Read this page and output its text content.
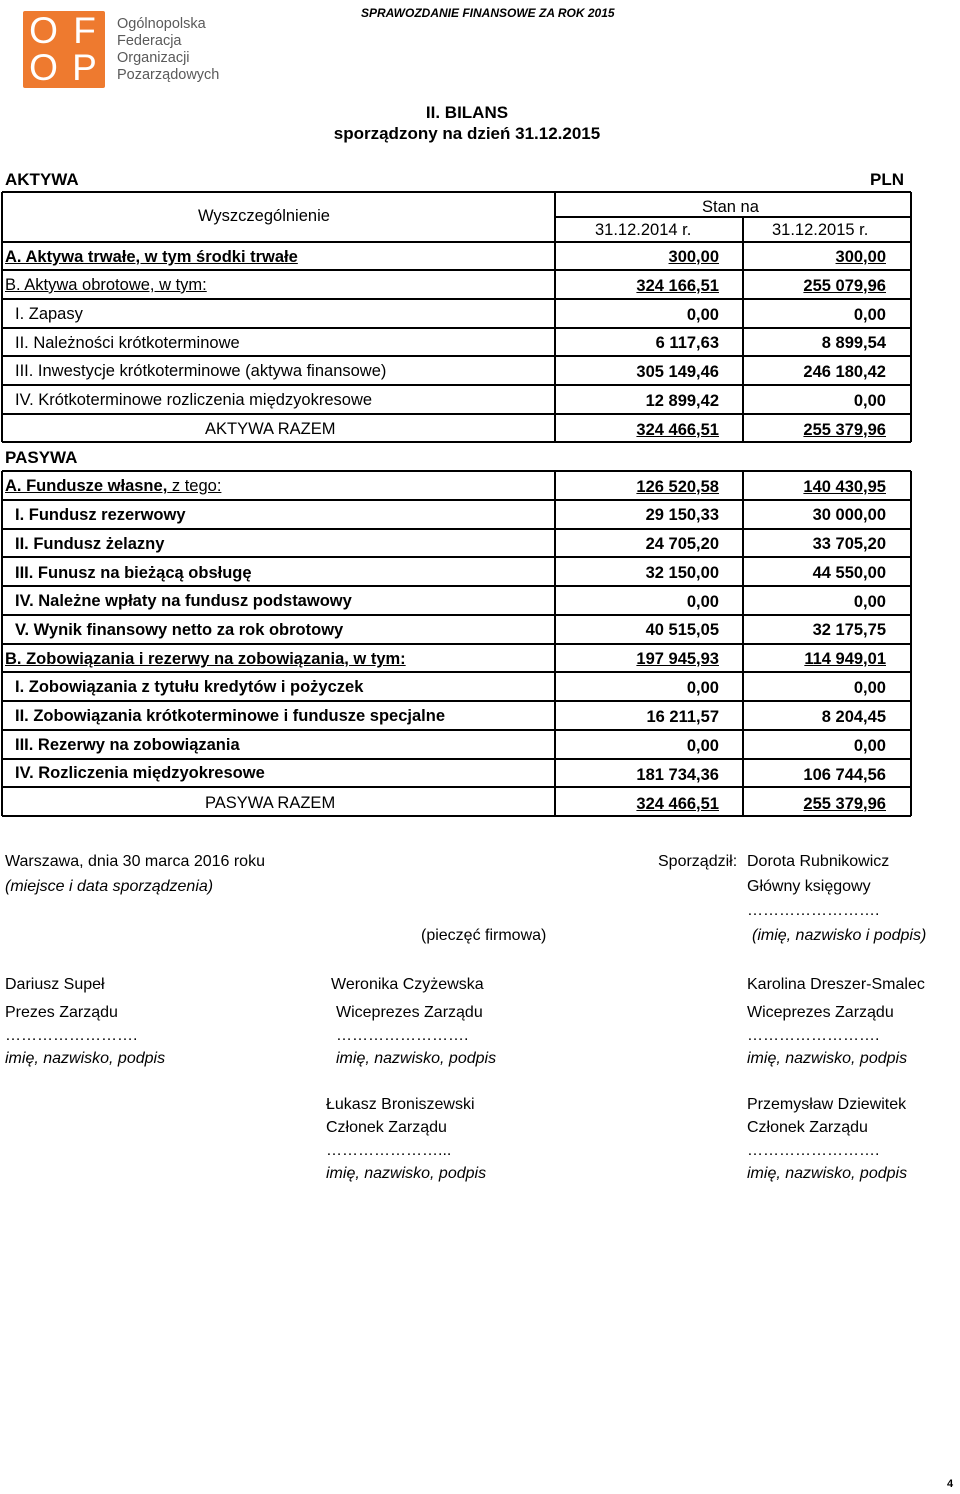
O F
O P
Ogólnopolska
Federacja
Organizacji
Pozarządowych
SPRAWOZDANIE FINANSOWE ZA ROK 2015
II. BILANS
sporządzony na dzień 31.12.2015
AKTYWA	PLN
Wyszczególnienie	Stan na
31.12.2014 r.	31.12.2015 r.
A. Aktywa trwałe, w tym środki trwałe	300,00	300,00
B. Aktywa obrotowe, w tym:	324 166,51	255 079,96
I. Zapasy	0,00	0,00
II. Należności krótkoterminowe	6 117,63	8 899,54
III. Inwestycje krótkoterminowe (aktywa finansowe)	305 149,46	246 180,42
IV. Krótkoterminowe rozliczenia międzyokresowe	12 899,42	0,00
AKTYWA RAZEM	324 466,51	255 379,96
PASYWA
A. Fundusze własne, z tego:	126 520,58	140 430,95
I. Fundusz rezerwowy	29 150,33	30 000,00
II. Fundusz żelazny	24 705,20	33 705,20
III. Funusz na bieżącą obsługę	32 150,00	44 550,00
IV. Należne wpłaty na fundusz podstawowy	0,00	0,00
V. Wynik finansowy netto za rok obrotowy	40 515,05	32 175,75
B. Zobowiązania i rezerwy na zobowiązania, w tym:	197 945,93	114 949,01
I. Zobowiązania z tytułu kredytów i pożyczek	0,00	0,00
II. Zobowiązania krótkoterminowe i fundusze specjalne	16 211,57	8 204,45
III. Rezerwy na zobowiązania	0,00	0,00
IV. Rozliczenia międzyokresowe	181 734,36	106 744,56
PASYWA RAZEM	324 466,51	255 379,96
Warszawa, dnia 30 marca 2016 roku
(miejsce i data sporządzenia)
Sporządził: Dorota Rubnikowicz
Główny księgowy
…………………….
(imię, nazwisko i podpis)
(pieczęć firmowa)
Dariusz Supeł
Prezes Zarządu
…………………….
imię, nazwisko, podpis
Weronika Czyżewska
Wiceprezes Zarządu
…………………….
imię, nazwisko, podpis
Karolina Dreszer-Smalec
Wiceprezes Zarządu
…………………….
imię, nazwisko, podpis
Łukasz Broniszewski
Członek Zarządu
…………………...
imię, nazwisko, podpis
Przemysław Dziewitek
Członek Zarządu
…………………….
imię, nazwisko, podpis
4
